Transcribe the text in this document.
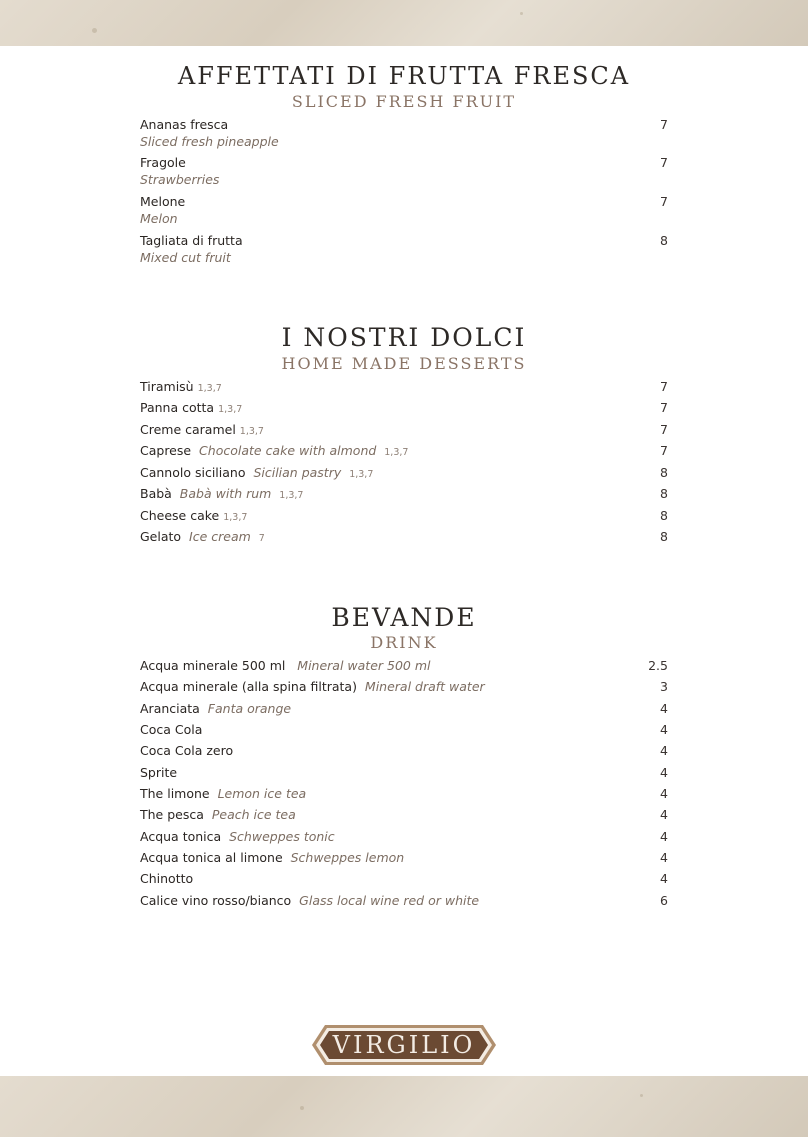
AFFETTATI DI FRUTTA FRESCA
SLICED FRESH FRUIT
Ananas fresca	7
Sliced fresh pineapple
Fragole	7
Strawberries
Melone	7
Melon
Tagliata di frutta	8
Mixed cut fruit
I NOSTRI DOLCI
HOME MADE DESSERTS
Tiramisù 1,3,7	7
Panna cotta 1,3,7	7
Creme caramel 1,3,7	7
Caprese Chocolate cake with almond 1,3,7	7
Cannolo siciliano Sicilian pastry 1,3,7	8
Babà Babà with rum 1,3,7	8
Cheese cake 1,3,7	8
Gelato Ice cream 7	8
BEVANDE
DRINK
Acqua minerale 500 ml Mineral water 500 ml	2.5
Acqua minerale (alla spina filtrata) Mineral draft water	3
Aranciata Fanta orange	4
Coca Cola	4
Coca Cola zero	4
Sprite	4
The limone Lemon ice tea	4
The pesca Peach ice tea	4
Acqua tonica Schweppes tonic	4
Acqua tonica al limone Schweppes lemon	4
Chinotto	4
Calice vino rosso/bianco Glass local wine red or white	6
VIRGILIO
